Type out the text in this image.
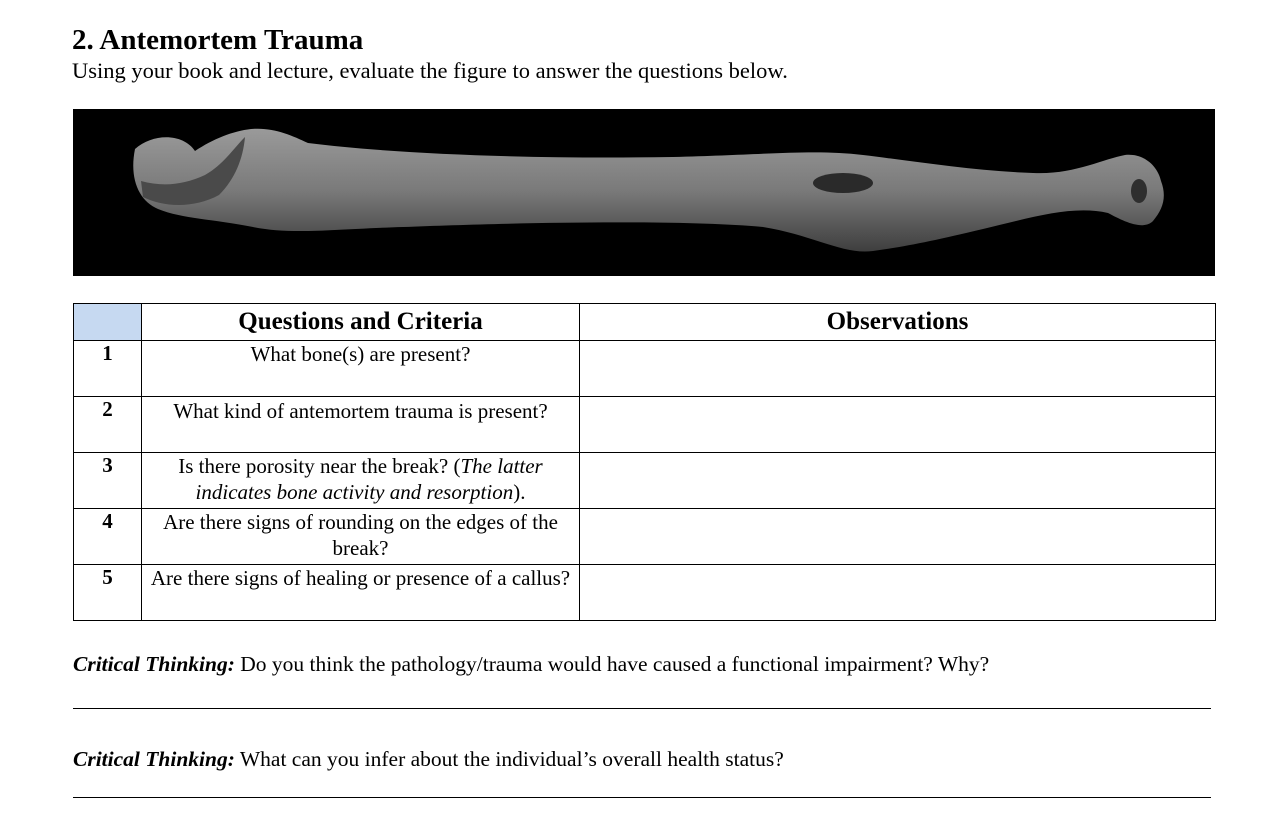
2. Antemortem Trauma
Using your book and lecture, evaluate the figure to answer the questions below.
	Questions and Criteria	Observations
1	What bone(s) are present?	
2	What kind of antemortem trauma is present?	
3	Is there porosity near the break? (The latter indicates bone activity and resorption).	
4	Are there signs of rounding on the edges of the break?	
5	Are there signs of healing or presence of a callus?	
Critical Thinking: Do you think the pathology/trauma would have caused a functional impairment? Why?
Critical Thinking: What can you infer about the individual’s overall health status?
